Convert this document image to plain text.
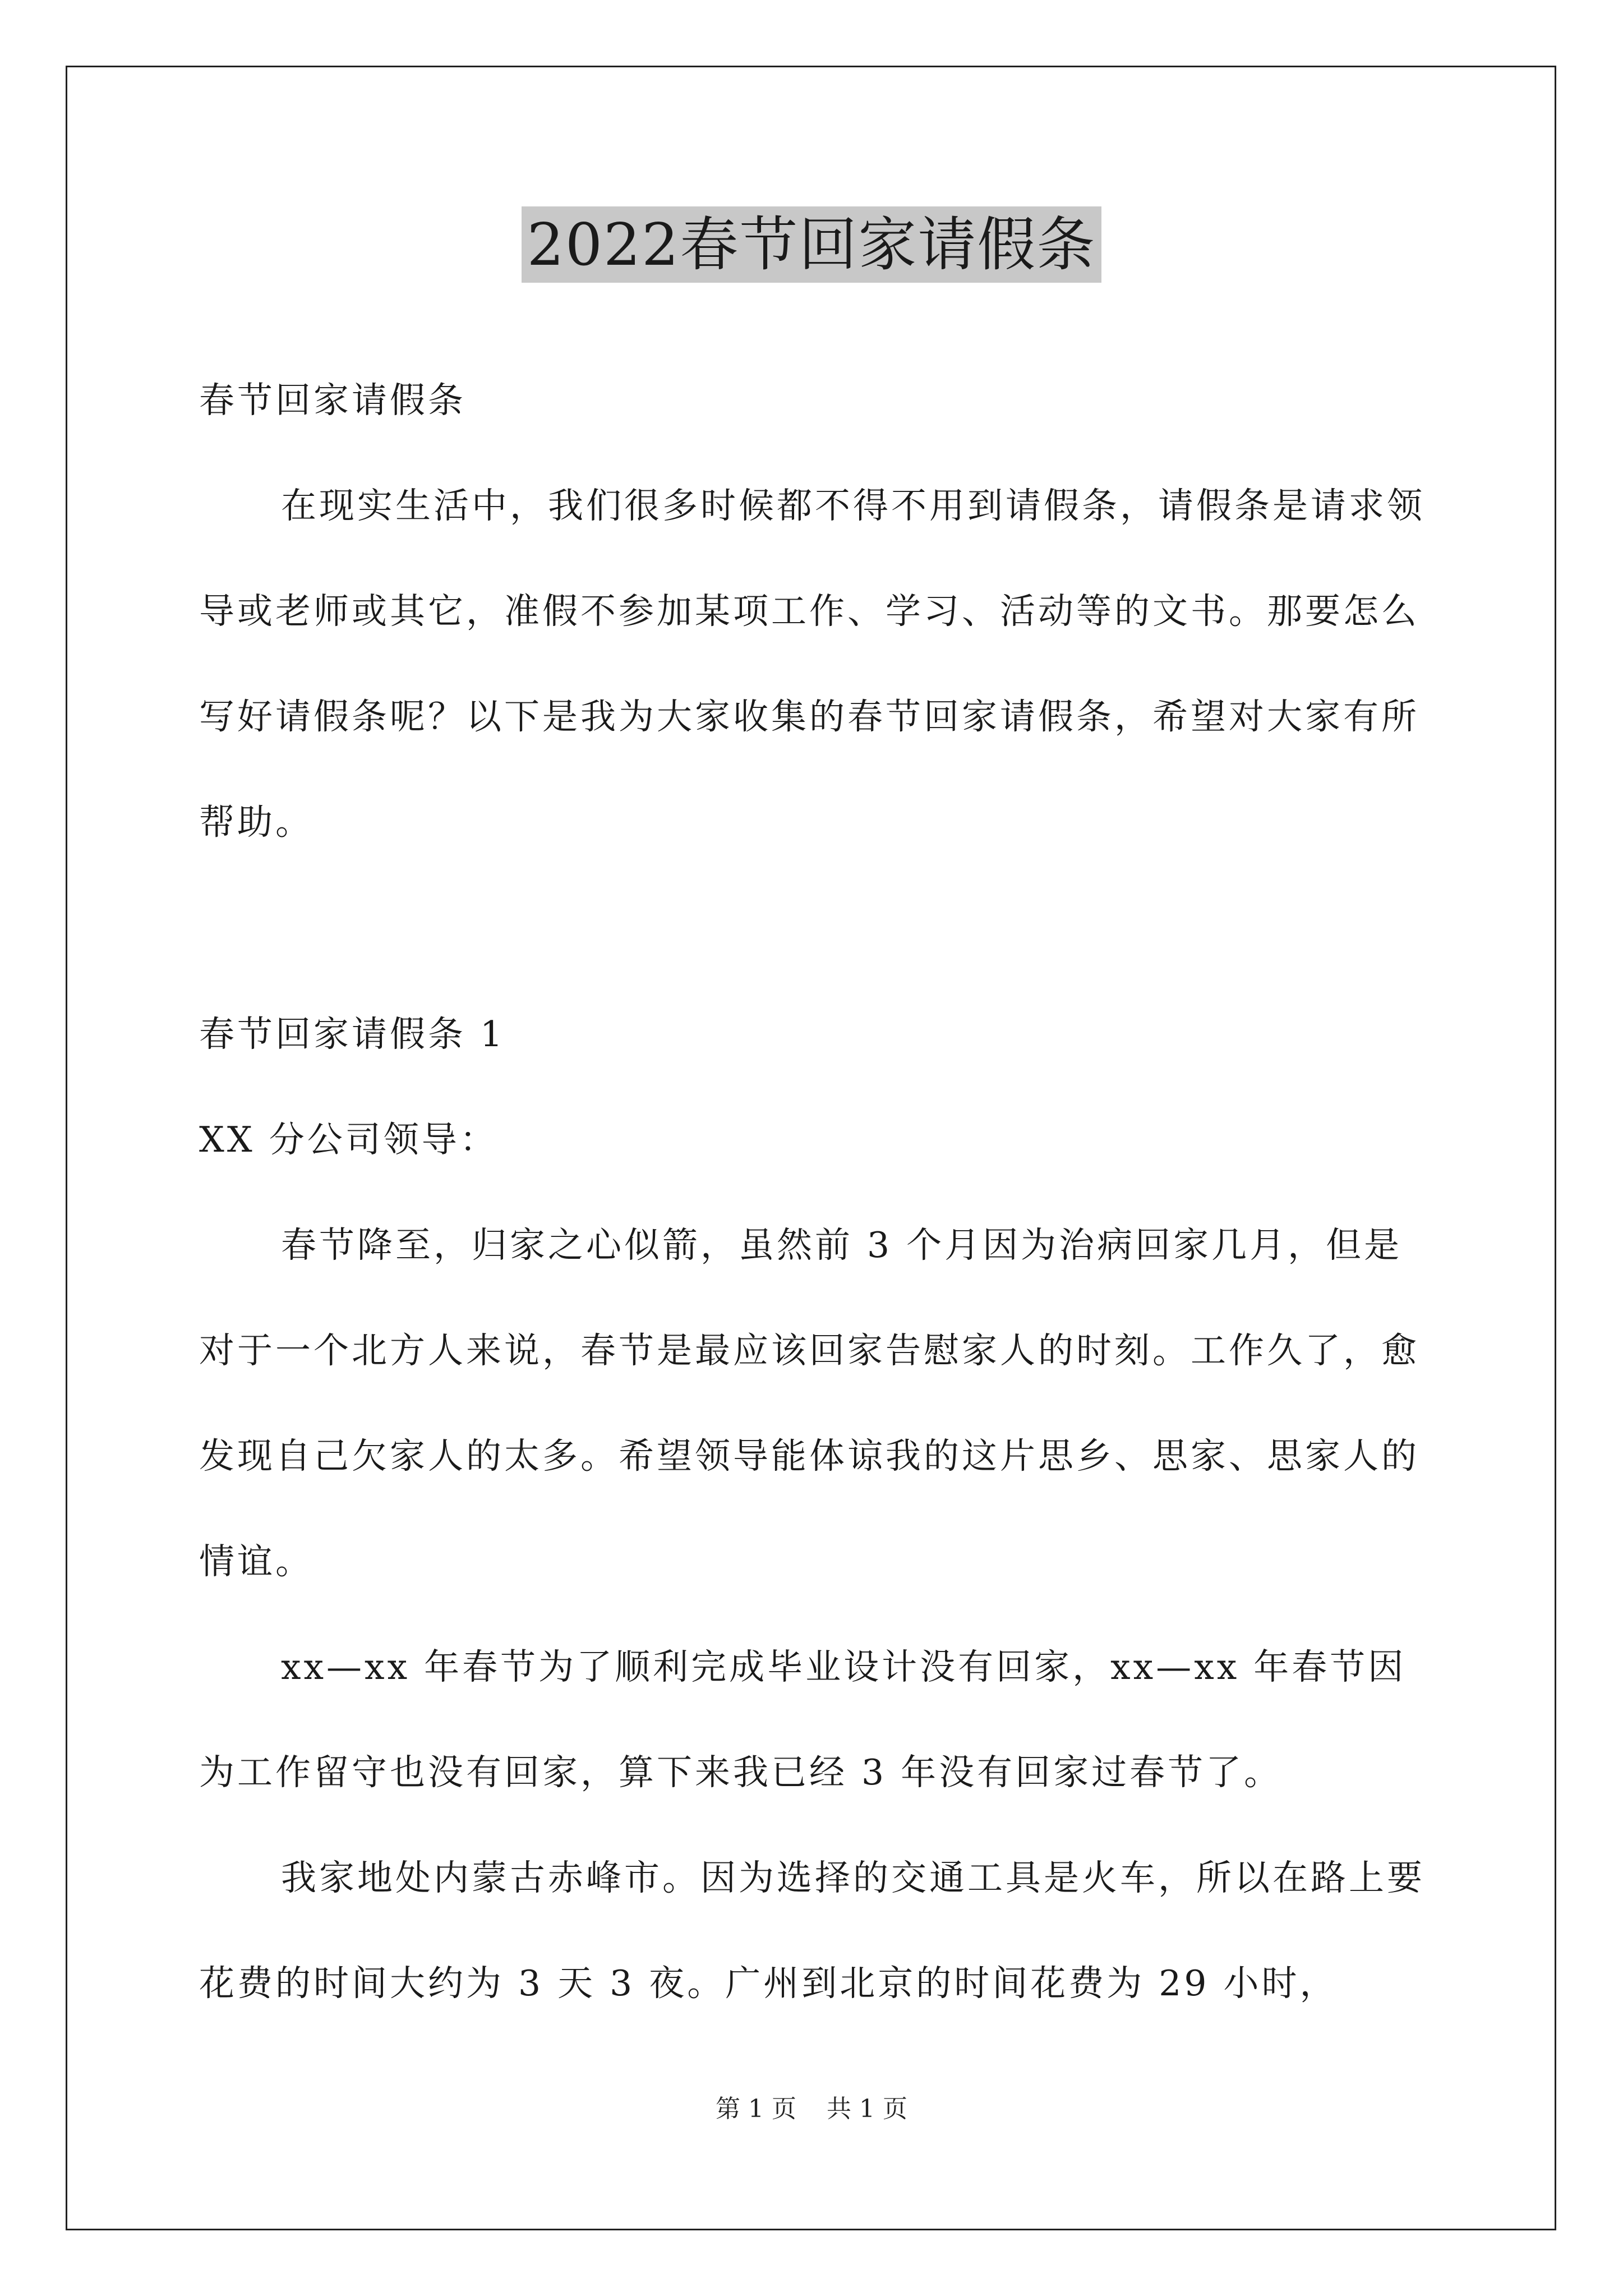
2022春节回家请假条

春节回家请假条

在现实生活中，我们很多时候都不得不用到请假条，请假条是请求领导或老师或其它，准假不参加某项工作、学习、活动等的文书。那要怎么写好请假条呢？以下是我为大家收集的春节回家请假条，希望对大家有所帮助。

春节回家请假条 1

XX 分公司领导：

春节降至，归家之心似箭，虽然前 3 个月因为治病回家几月，但是对于一个北方人来说，春节是最应该回家告慰家人的时刻。工作久了，愈发现自己欠家人的太多。希望领导能体谅我的这片思乡、思家、思家人的情谊。

xx—xx 年春节为了顺利完成毕业设计没有回家，xx—xx 年春节因为工作留守也没有回家，算下来我已经 3 年没有回家过春节了。

我家地处内蒙古赤峰市。因为选择的交通工具是火车，所以在路上要花费的时间大约为 3 天 3 夜。广州到北京的时间花费为 29 小时，

第 1 页 共 1 页
